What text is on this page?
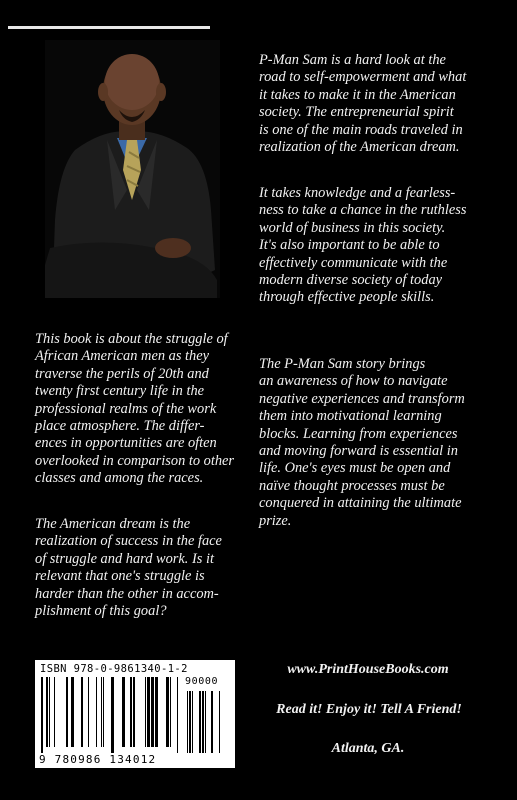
P-Man Sam is a hard look at the
road to self-empowerment and what
it takes to make it in the American
society. The entrepreneurial spirit
is one of the main roads traveled in
realization of the American dream.

It takes knowledge and a fearless-
ness to take a chance in the ruthless
world of business in this society.
It's also important to be able to
effectively communicate with the
modern diverse society of today
through effective people skills.

The P-Man Sam story brings
an awareness of how to navigate
negative experiences and transform
them into motivational learning
blocks. Learning from experiences
and moving forward is essential in
life. One's eyes must be open and
naïve thought processes must be
conquered in attaining the ultimate
prize.

This book is about the struggle of
African American men as they
traverse the perils of 20th and
twenty first century life in the
professional realms of the work
place atmosphere. The differ-
ences in opportunities are often
overlooked in comparison to other
classes and among the races.

The American dream is the
realization of success in the face
of struggle and hard work. Is it
relevant that one's struggle is
harder than the other in accom-
plishment of this goal?

ISBN 978-0-9861340-1-2
90000
9 780986 134012
www.PrintHouseBooks.com
Read it! Enjoy it! Tell A Friend!
Atlanta, GA.
